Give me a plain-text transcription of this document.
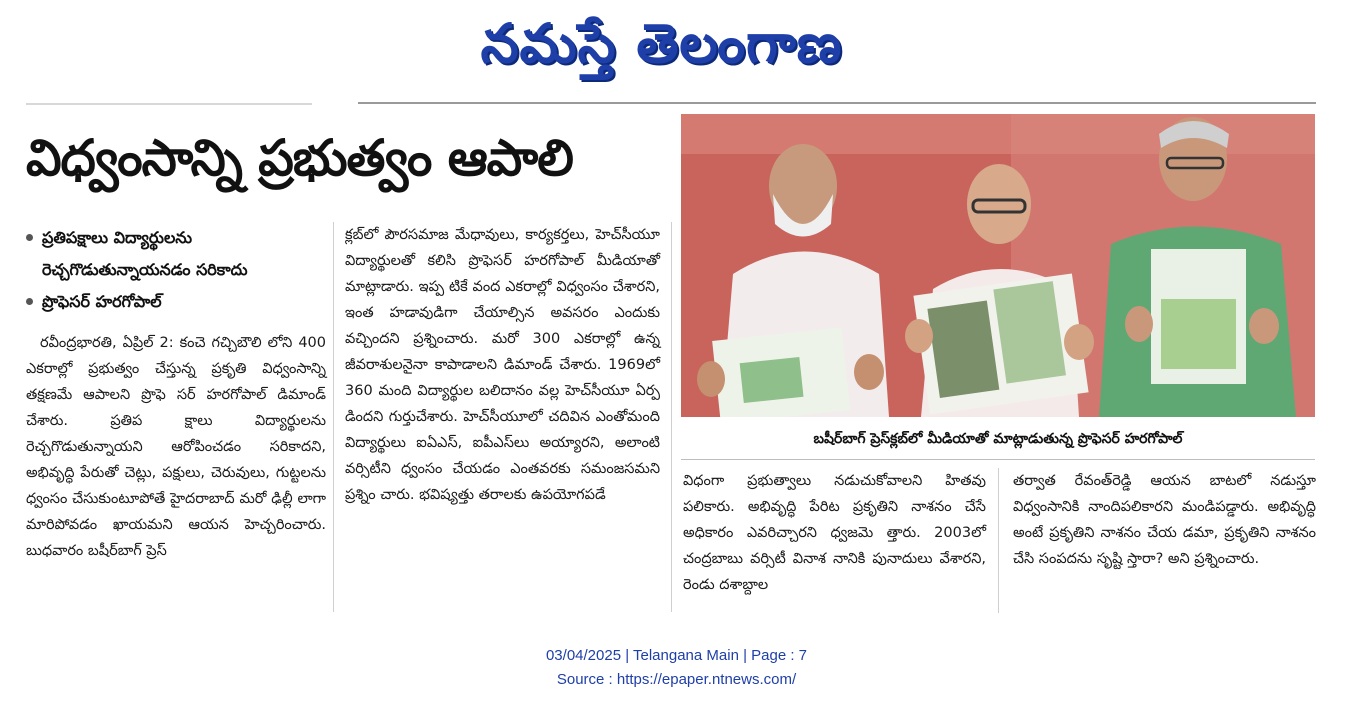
నమస్తే తెలంగాణ
విధ్వంసాన్ని ప్రభుత్వం ఆపాలి
ప్రతిపక్షాలు విద్యార్థులను
రెచ్చగొడుతున్నాయనడం సరికాదు
ప్రొఫెసర్ హరగోపాల్

రవీంద్రభారతి, ఏప్రిల్ 2: కంచె గచ్చిబౌలి లోని 400 ఎకరాల్లో ప్రభుత్వం చేస్తున్న ప్రకృతి విధ్వంసాన్ని తక్షణమే ఆపాలని ప్రొఫె సర్ హరగోపాల్ డిమాండ్ చేశారు. ప్రతిప క్షాలు విద్యార్థులను రెచ్చగొడుతున్నాయని ఆరోపించడం సరికాదని, అభివృద్ధి పేరుతో చెట్లు, పక్షులు, చెరువులు, గుట్టలను ధ్వంసం చేసుకుంటూపోతే హైదరాబాద్ మరో ఢిల్లీ లాగా మారిపోవడం ఖాయమని ఆయన హెచ్చరించారు. బుధవారం బషీర్‌బాగ్ ప్రెస్

క్లబ్‌లో పౌరసమాజ మేధావులు, కార్యకర్తలు, హెచ్‌సీయూ విద్యార్థులతో కలిసి ప్రొఫెసర్ హరగోపాల్ మీడియాతో మాట్లాడారు. ఇప్ప టికే వంద ఎకరాల్లో విధ్వంసం చేశారని, ఇంత హడావుడిగా చేయాల్సిన అవసరం ఎందుకు వచ్చిందని ప్రశ్నించారు. మరో 300 ఎకరాల్లో ఉన్న జీవరాశులనైనా కాపాడాలని డిమాండ్ చేశారు. 1969లో 360 మంది విద్యార్థుల బలిదానం వల్ల హెచ్‌సీయూ ఏర్ప డిందని గుర్తుచేశారు. హెచ్‌సీయూలో చదివిన ఎంతోమంది విద్యార్థులు ఐఏఎస్, ఐపీఎస్‌లు అయ్యారని, అలాంటి వర్సిటీని ధ్వంసం చేయడం ఎంతవరకు సమంజసమని ప్రశ్నిం చారు. భవిష్యత్తు తరాలకు ఉపయోగపడే

విధంగా ప్రభుత్వాలు నడుచుకోవాలని హితవు పలికారు. అభివృద్ధి పేరిట ప్రకృతిని నాశనం చేసే అధికారం ఎవరిచ్చారని ధ్వజమె త్తారు. 2003లో చంద్రబాబు వర్సిటీ వినాశ నానికి పునాదులు వేశారని, రెండు దశాబ్దాల

తర్వాత రేవంత్‌రెడ్డి ఆయన బాటలో నడుస్తూ విధ్వంసానికి నాందిపలికారని మండిపడ్డారు. అభివృద్ధి అంటే ప్రకృతిని నాశనం చేయ డమా, ప్రకృతిని నాశనం చేసి సంపదను సృష్టి స్తారా? అని ప్రశ్నించారు.

బషీర్‌బాగ్ ప్రెస్‌క్లబ్‌లో మీడియాతో మాట్లాడుతున్న ప్రొఫెసర్ హరగోపాల్
03/04/2025 | Telangana Main | Page : 7
Source : https://epaper.ntnews.com/
